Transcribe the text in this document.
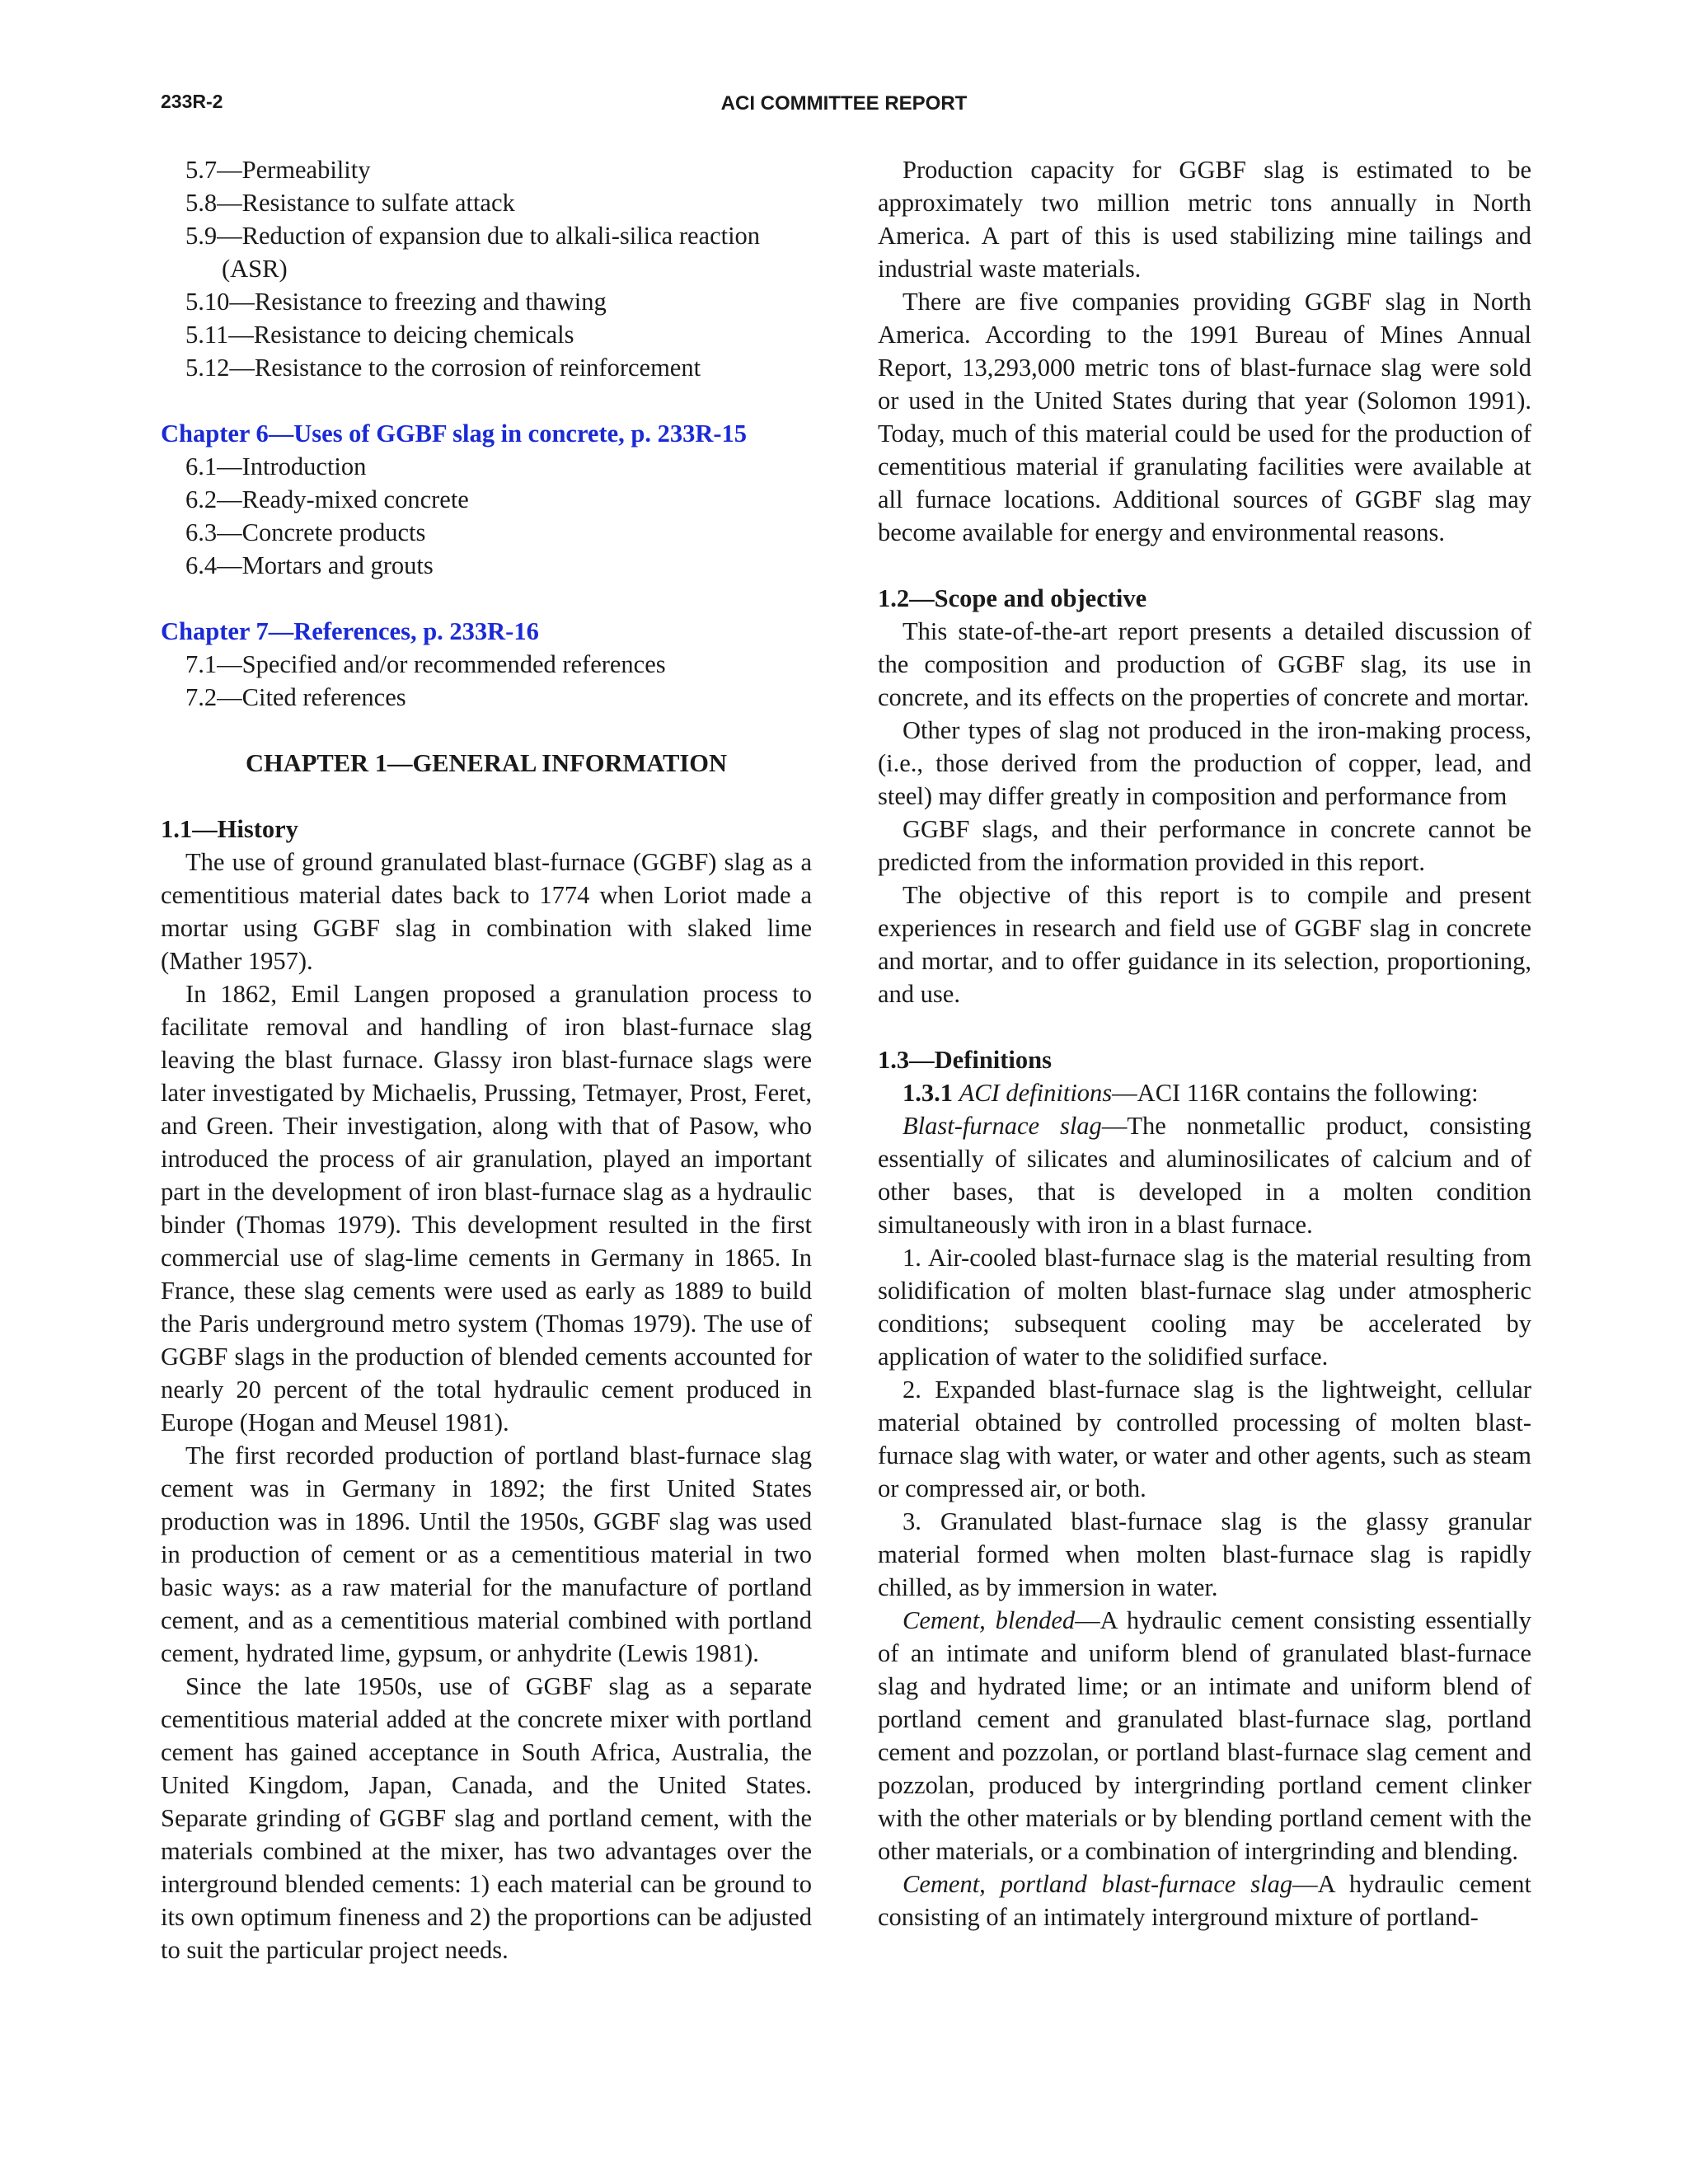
233R-2	ACI COMMITTEE REPORT
5.7—Permeability
5.8—Resistance to sulfate attack
5.9—Reduction of expansion due to alkali-silica reaction (ASR)
5.10—Resistance to freezing and thawing
5.11—Resistance to deicing chemicals
5.12—Resistance to the corrosion of reinforcement
Chapter 6—Uses of GGBF slag in concrete, p. 233R-15
6.1—Introduction
6.2—Ready-mixed concrete
6.3—Concrete products
6.4—Mortars and grouts
Chapter 7—References, p. 233R-16
7.1—Specified and/or recommended references
7.2—Cited references
CHAPTER 1—GENERAL INFORMATION
1.1—History

The use of ground granulated blast-furnace (GGBF) slag as a cementitious material dates back to 1774 when Loriot made a mortar using GGBF slag in combination with slaked lime (Mather 1957).

In 1862, Emil Langen proposed a granulation process to facilitate removal and handling of iron blast-furnace slag leaving the blast furnace. Glassy iron blast-furnace slags were later investigated by Michaelis, Prussing, Tetmayer, Prost, Feret, and Green. Their investigation, along with that of Pasow, who introduced the process of air granulation, played an important part in the development of iron blast-furnace slag as a hydraulic binder (Thomas 1979). This development resulted in the first commercial use of slag-lime cements in Germany in 1865. In France, these slag cements were used as early as 1889 to build the Paris underground metro system (Thomas 1979). The use of GGBF slags in the production of blended cements accounted for nearly 20 percent of the total hydraulic cement produced in Europe (Hogan and Meusel 1981).

The first recorded production of portland blast-furnace slag cement was in Germany in 1892; the first United States production was in 1896. Until the 1950s, GGBF slag was used in production of cement or as a cementitious material in two basic ways: as a raw material for the manufacture of portland cement, and as a cementitious material combined with portland cement, hydrated lime, gypsum, or anhydrite (Lewis 1981).

Since the late 1950s, use of GGBF slag as a separate cementitious material added at the concrete mixer with portland cement has gained acceptance in South Africa, Australia, the United Kingdom, Japan, Canada, and the United States. Separate grinding of GGBF slag and portland cement, with the materials combined at the mixer, has two advantages over the interground blended cements: 1) each material can be ground to its own optimum fineness and 2) the proportions can be adjusted to suit the particular project needs.

Production capacity for GGBF slag is estimated to be approximately two million metric tons annually in North America. A part of this is used stabilizing mine tailings and industrial waste materials.

There are five companies providing GGBF slag in North America. According to the 1991 Bureau of Mines Annual Report, 13,293,000 metric tons of blast-furnace slag were sold or used in the United States during that year (Solomon 1991). Today, much of this material could be used for the production of cementitious material if granulating facilities were available at all furnace locations. Additional sources of GGBF slag may become available for energy and environmental reasons.

1.2—Scope and objective

This state-of-the-art report presents a detailed discussion of the composition and production of GGBF slag, its use in concrete, and its effects on the properties of concrete and mortar.

Other types of slag not produced in the iron-making process, (i.e., those derived from the production of copper, lead, and steel) may differ greatly in composition and performance from

GGBF slags, and their performance in concrete cannot be predicted from the information provided in this report.

The objective of this report is to compile and present experiences in research and field use of GGBF slag in concrete and mortar, and to offer guidance in its selection, proportioning, and use.

1.3—Definitions

1.3.1 ACI definitions—ACI 116R contains the following:

Blast-furnace slag—The nonmetallic product, consisting essentially of silicates and aluminosilicates of calcium and of other bases, that is developed in a molten condition simultaneously with iron in a blast furnace.

1. Air-cooled blast-furnace slag is the material resulting from solidification of molten blast-furnace slag under atmospheric conditions; subsequent cooling may be accelerated by application of water to the solidified surface.

2. Expanded blast-furnace slag is the lightweight, cellular material obtained by controlled processing of molten blast-furnace slag with water, or water and other agents, such as steam or compressed air, or both.

3. Granulated blast-furnace slag is the glassy granular material formed when molten blast-furnace slag is rapidly chilled, as by immersion in water.

Cement, blended—A hydraulic cement consisting essentially of an intimate and uniform blend of granulated blast-furnace slag and hydrated lime; or an intimate and uniform blend of portland cement and granulated blast-furnace slag, portland cement and pozzolan, or portland blast-furnace slag cement and pozzolan, produced by intergrinding portland cement clinker with the other materials or by blending portland cement with the other materials, or a combination of intergrinding and blending.

Cement, portland blast-furnace slag—A hydraulic cement consisting of an intimately interground mixture of portland-
